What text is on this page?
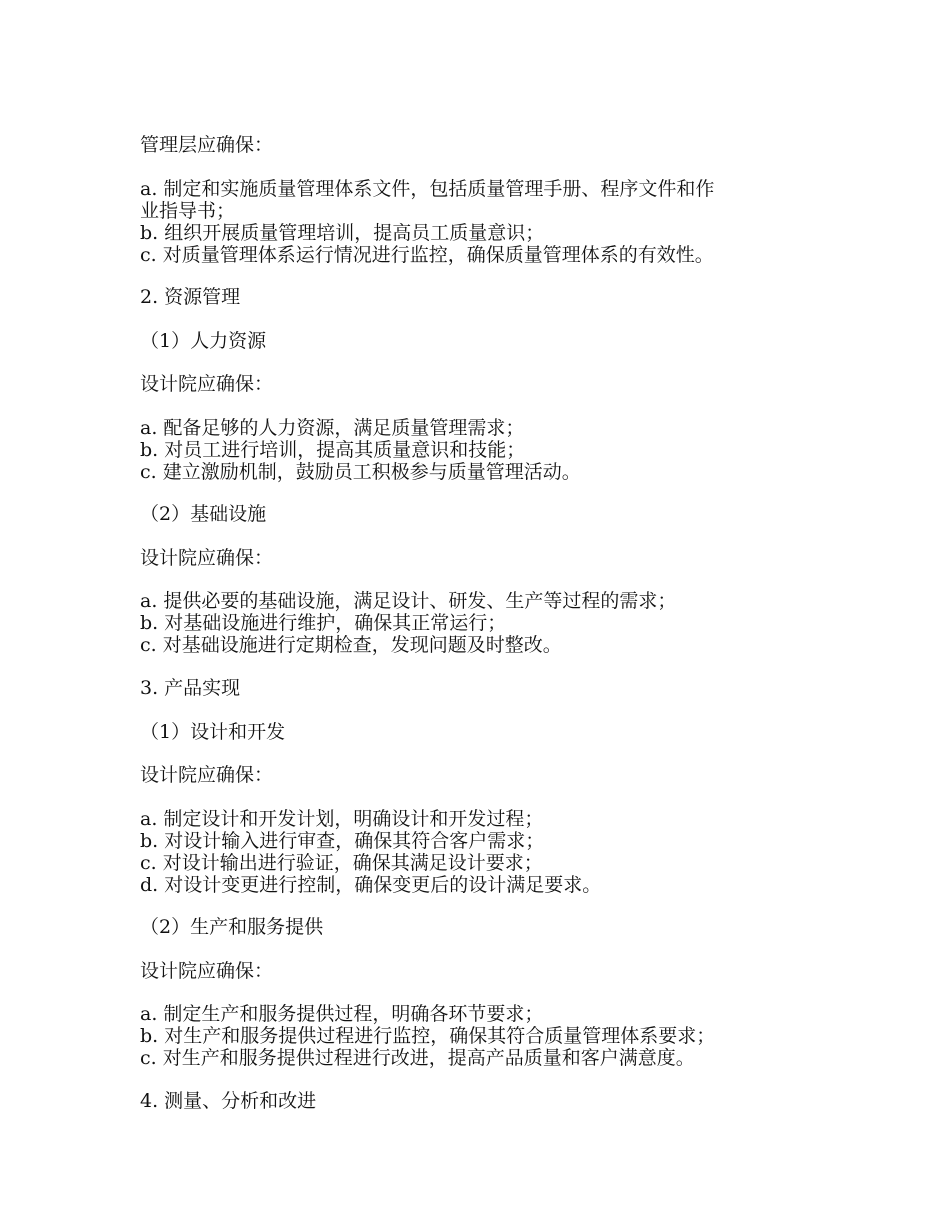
管理层应确保：
a. 制定和实施质量管理体系文件，包括质量管理手册、程序文件和作
业指导书；
b. 组织开展质量管理培训，提高员工质量意识；
c. 对质量管理体系运行情况进行监控，确保质量管理体系的有效性。
2. 资源管理
（1）人力资源
设计院应确保：
a. 配备足够的人力资源，满足质量管理需求；
b. 对员工进行培训，提高其质量意识和技能；
c. 建立激励机制，鼓励员工积极参与质量管理活动。
（2）基础设施
设计院应确保：
a. 提供必要的基础设施，满足设计、研发、生产等过程的需求；
b. 对基础设施进行维护，确保其正常运行；
c. 对基础设施进行定期检查，发现问题及时整改。
3. 产品实现
（1）设计和开发
设计院应确保：
a. 制定设计和开发计划，明确设计和开发过程；
b. 对设计输入进行审查，确保其符合客户需求；
c. 对设计输出进行验证，确保其满足设计要求；
d. 对设计变更进行控制，确保变更后的设计满足要求。
（2）生产和服务提供
设计院应确保：
a. 制定生产和服务提供过程，明确各环节要求；
b. 对生产和服务提供过程进行监控，确保其符合质量管理体系要求；
c. 对生产和服务提供过程进行改进，提高产品质量和客户满意度。
4. 测量、分析和改进
